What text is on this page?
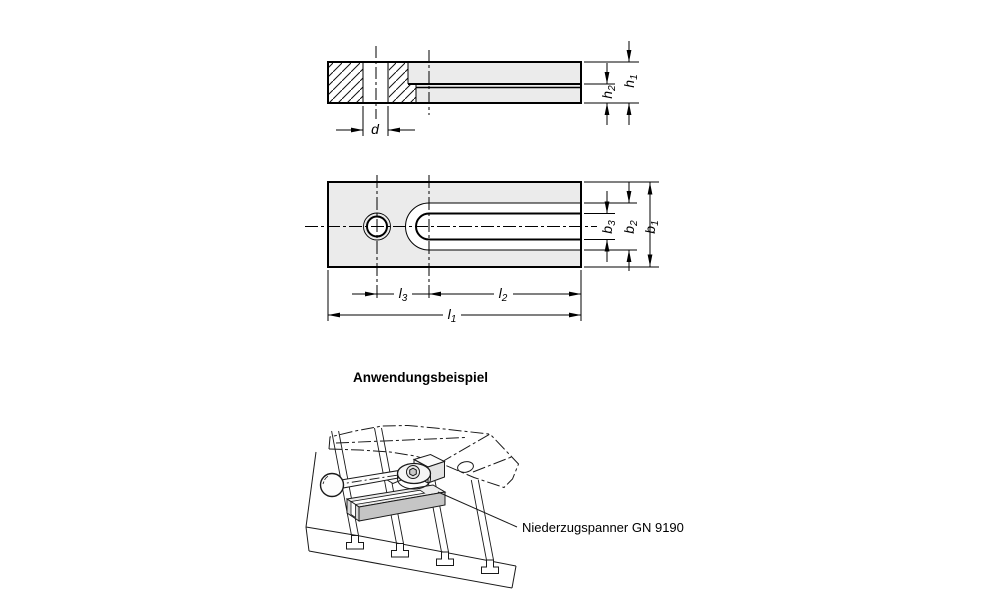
d
$h_2$
$h_1$
$b_3$
$b_2$
$b_1$
$l_3$	$l_2$
$l_1$
Anwendungsbeispiel
Niederzugspanner GN 9190
